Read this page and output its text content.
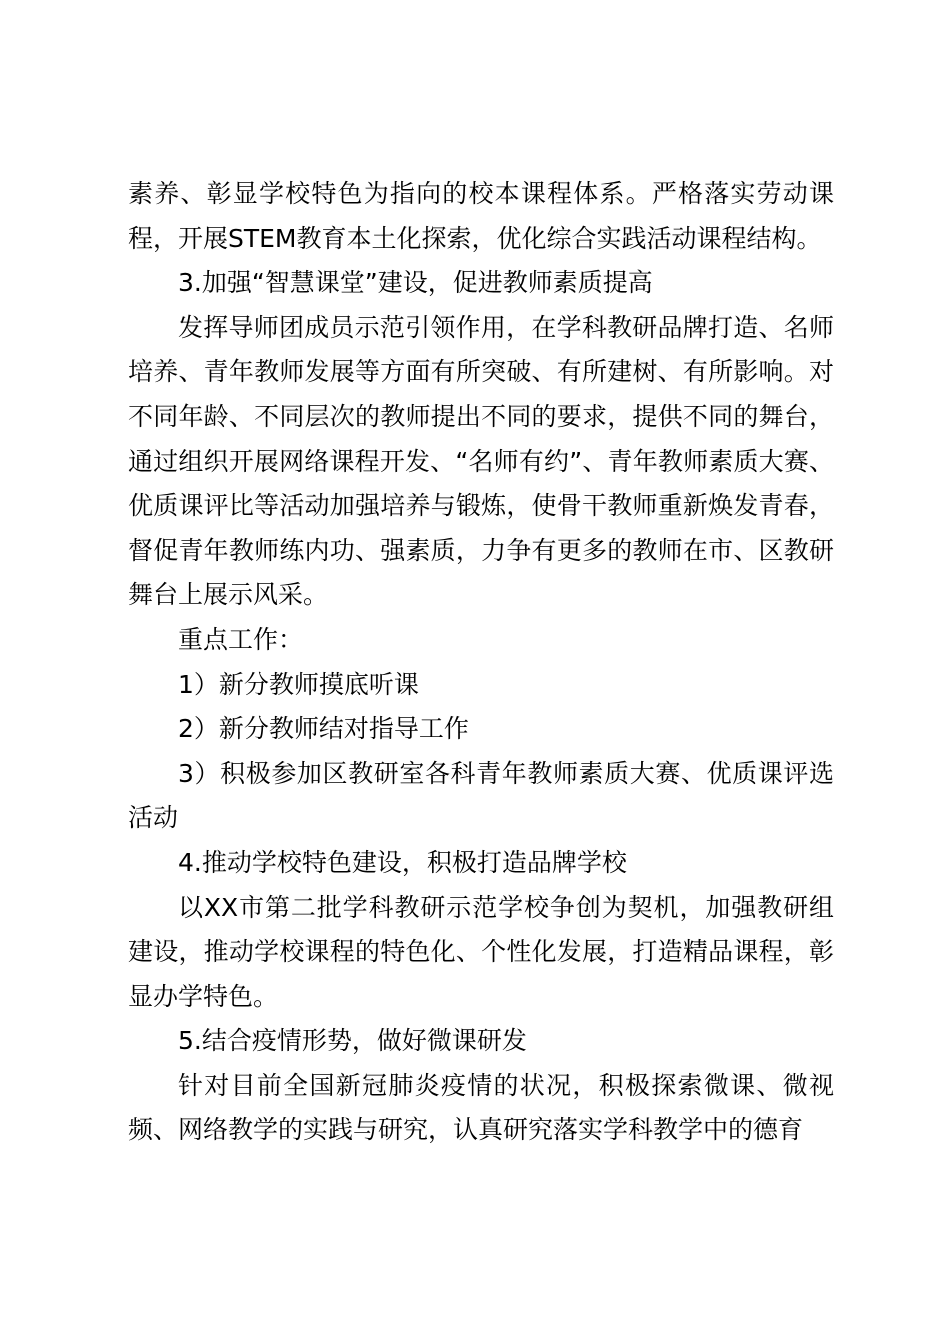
素养、彰显学校特色为指向的校本课程体系。严格落实劳动课程，开展STEM教育本土化探索，优化综合实践活动课程结构。

3.加强“智慧课堂”建设，促进教师素质提高

发挥导师团成员示范引领作用，在学科教研品牌打造、名师培养、青年教师发展等方面有所突破、有所建树、有所影响。对不同年龄、不同层次的教师提出不同的要求，提供不同的舞台，通过组织开展网络课程开发、“名师有约”、青年教师素质大赛、优质课评比等活动加强培养与锻炼，使骨干教师重新焕发青春，督促青年教师练内功、强素质，力争有更多的教师在市、区教研舞台上展示风采。

重点工作：

1）新分教师摸底听课

2）新分教师结对指导工作

3）积极参加区教研室各科青年教师素质大赛、优质课评选活动

4.推动学校特色建设，积极打造品牌学校

以XX市第二批学科教研示范学校争创为契机，加强教研组建设，推动学校课程的特色化、个性化发展，打造精品课程，彰显办学特色。

5.结合疫情形势，做好微课研发

针对目前全国新冠肺炎疫情的状况，积极探索微课、微视频、网络教学的实践与研究，认真研究落实学科教学中的德育
